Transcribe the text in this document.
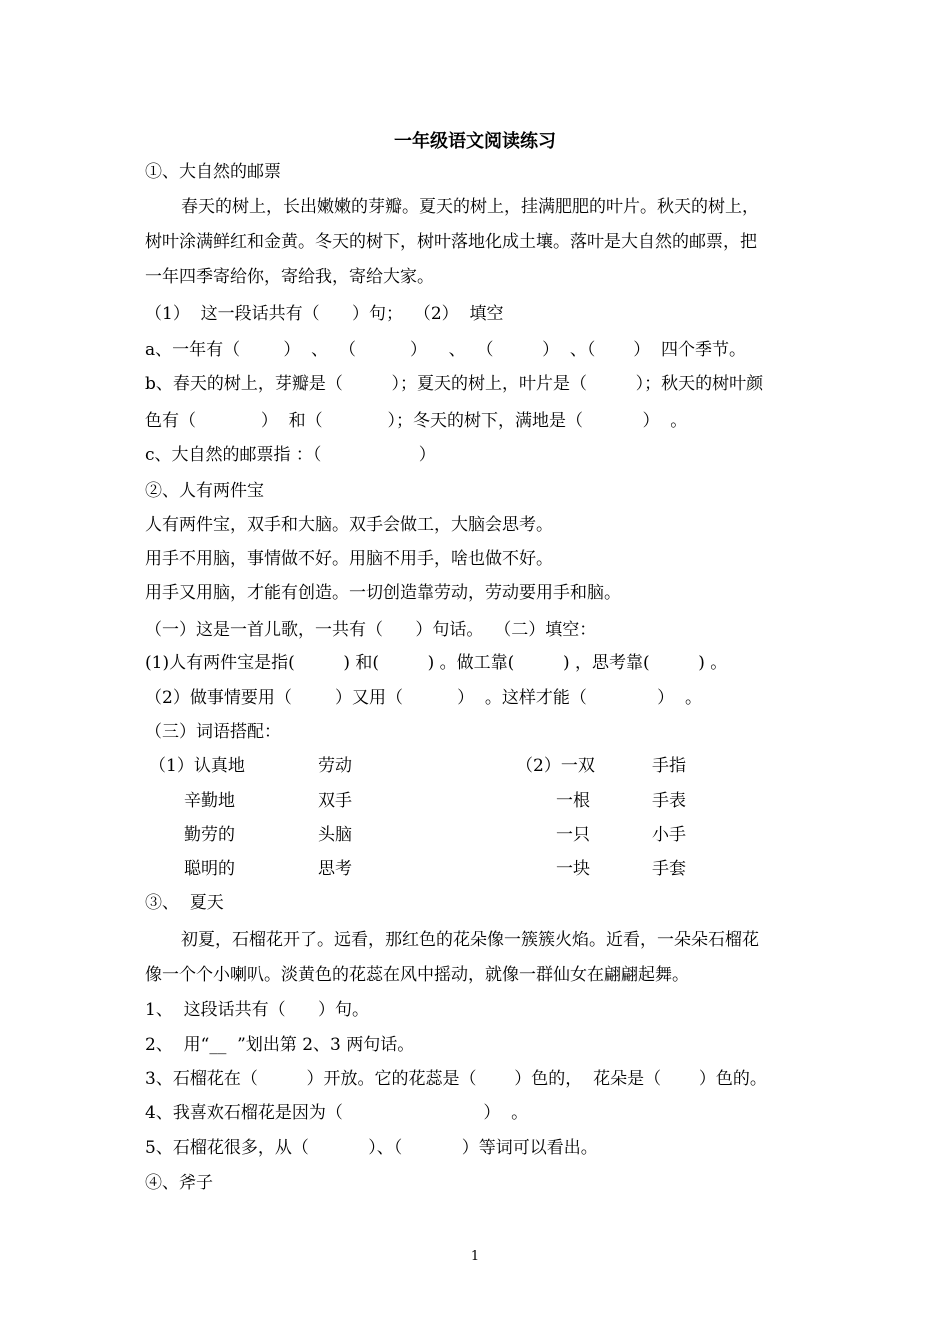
一年级语文阅读练习
①、大自然的邮票
春天的树上，长出嫩嫩的芽瓣。夏天的树上，挂满肥肥的叶片。秋天的树上，
树叶涂满鲜红和金黄。冬天的树下，树叶落地化成土壤。落叶是大自然的邮票，把
一年四季寄给你，寄给我，寄给大家。
（1）  这一段话共有（      ）句；  （2）  填空
a、一年有（        ）  、  （          ）    、  （         ）  、（       ）  四个季节。
b、春天的树上，芽瓣是（         ）；夏天的树上，叶片是（         ）；秋天的树叶颜
色有（            ）  和（            ）；冬天的树下，满地是（           ）  。
c、大自然的邮票指 ：（                  ）
②、人有两件宝
人有两件宝，双手和大脑。双手会做工，大脑会思考。
用手不用脑，事情做不好。用脑不用手，啥也做不好。
用手又用脑，才能有创造。一切创造靠劳动，劳动要用手和脑。
（一）这是一首儿歌，一共有（      ）句话。  （二）填空：
(1)人有两件宝是指(         ) 和(         ) 。做工靠(         ) ，思考靠(         ) 。
（2）做事情要用（        ）又用（          ）  。这样才能（             ）  。
（三）词语搭配：
（1）认真地	劳动	（2）一双	手指
辛勤地	双手	一根	手表
勤劳的	头脑	一只	小手
聪明的	思考	一块	手套
③、  夏天
初夏，石榴花开了。远看，那红色的花朵像一簇簇火焰。近看，一朵朵石榴花
像一个个小喇叭。淡黄色的花蕊在风中摇动，就像一群仙女在翩翩起舞。
1、  这段话共有（      ）句。
2、  用“__  ”划出第 2、3 两句话。
3、石榴花在（         ）开放。它的花蕊是（       ）色的，  花朵是（       ）色的。
4、我喜欢石榴花是因为（                          ）  。
5、石榴花很多，从（           ）、（           ）等词可以看出。
④、斧子
1
